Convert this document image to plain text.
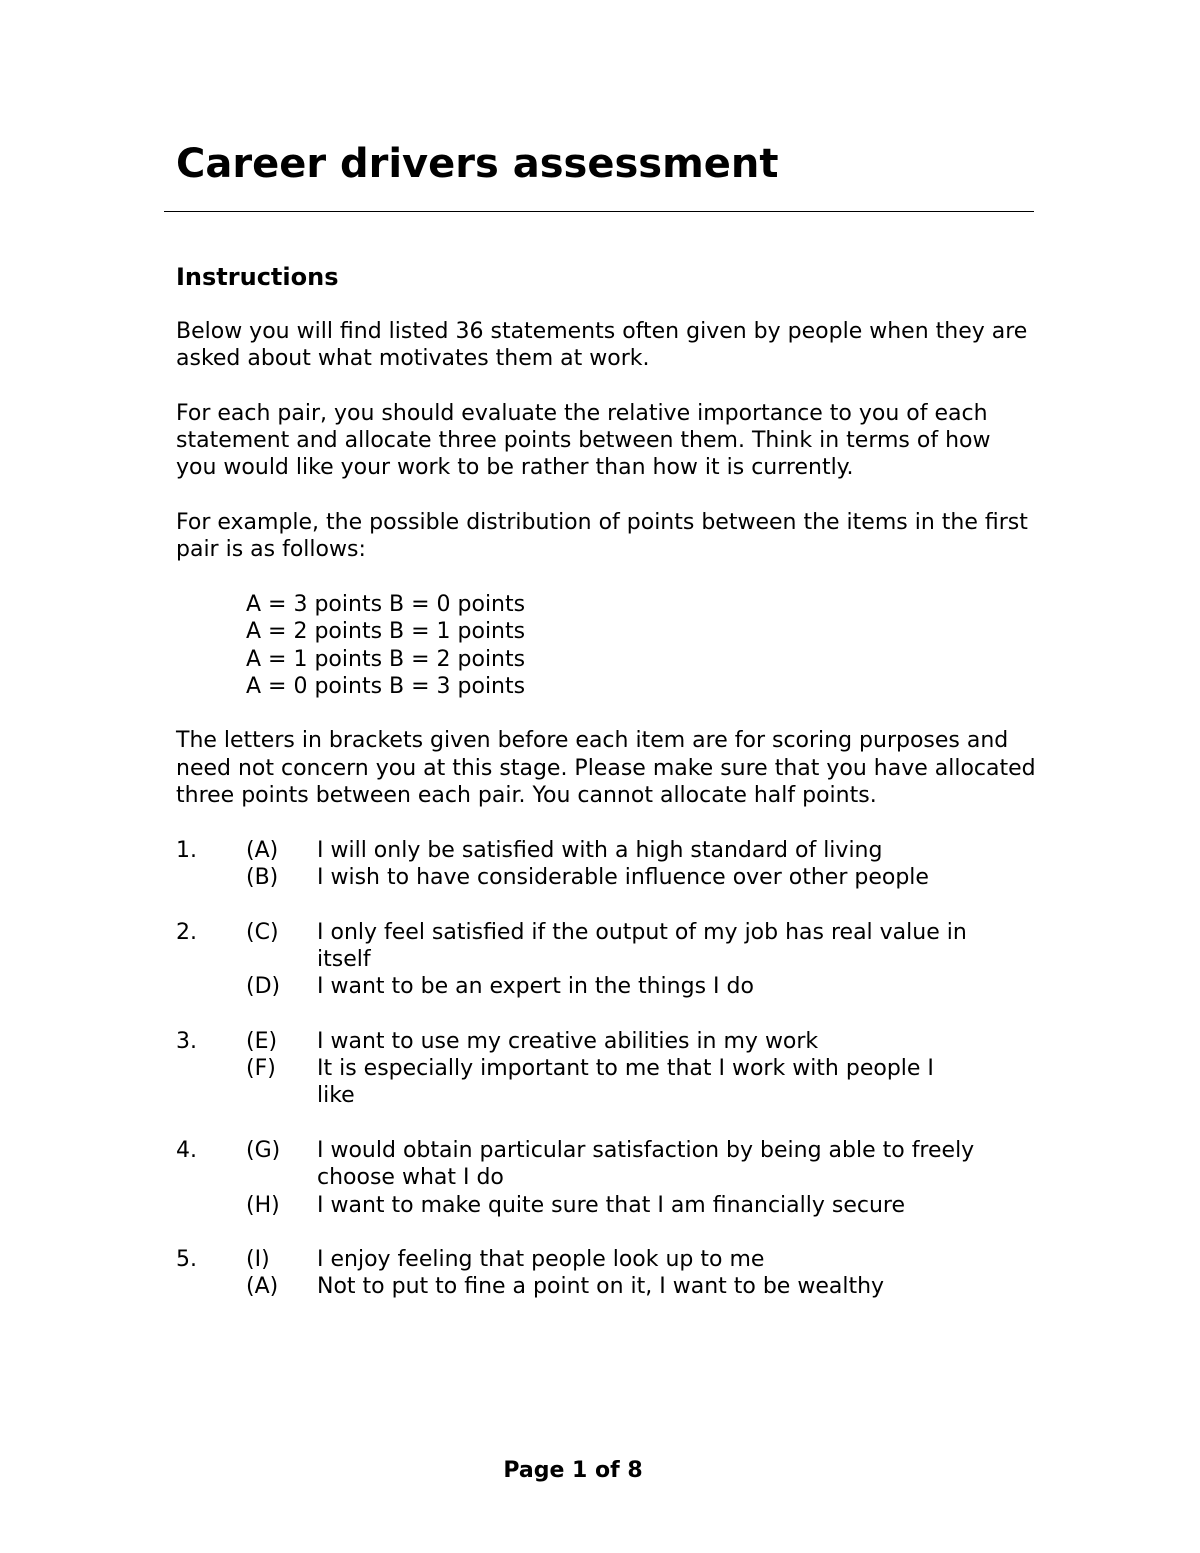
Career drivers assessment
Instructions

Below you will find listed 36 statements often given by people when they are asked about what motivates them at work.

For each pair, you should evaluate the relative importance to you of each statement and allocate three points between them. Think in terms of how you would like your work to be rather than how it is currently.

For example, the possible distribution of points between the items in the first pair is as follows:

A = 3 points B = 0 points
A = 2 points B = 1 points
A = 1 points B = 2 points
A = 0 points B = 3 points

The letters in brackets given before each item are for scoring purposes and need not concern you at this stage. Please make sure that you have allocated three points between each pair. You cannot allocate half points.

1.	(A)	I will only be satisfied with a high standard of living
(B)	I wish to have considerable influence over other people
2.	(C)	I only feel satisfied if the output of my job has real value in itself
(D)	I want to be an expert in the things I do
3.	(E)	I want to use my creative abilities in my work
(F)	It is especially important to me that I work with people I like
4.	(G)	I would obtain particular satisfaction by being able to freely choose what I do
(H)	I want to make quite sure that I am financially secure
5.	(I)	I enjoy feeling that people look up to me
(A)	Not to put to fine a point on it, I want to be wealthy
Page 1 of 8
